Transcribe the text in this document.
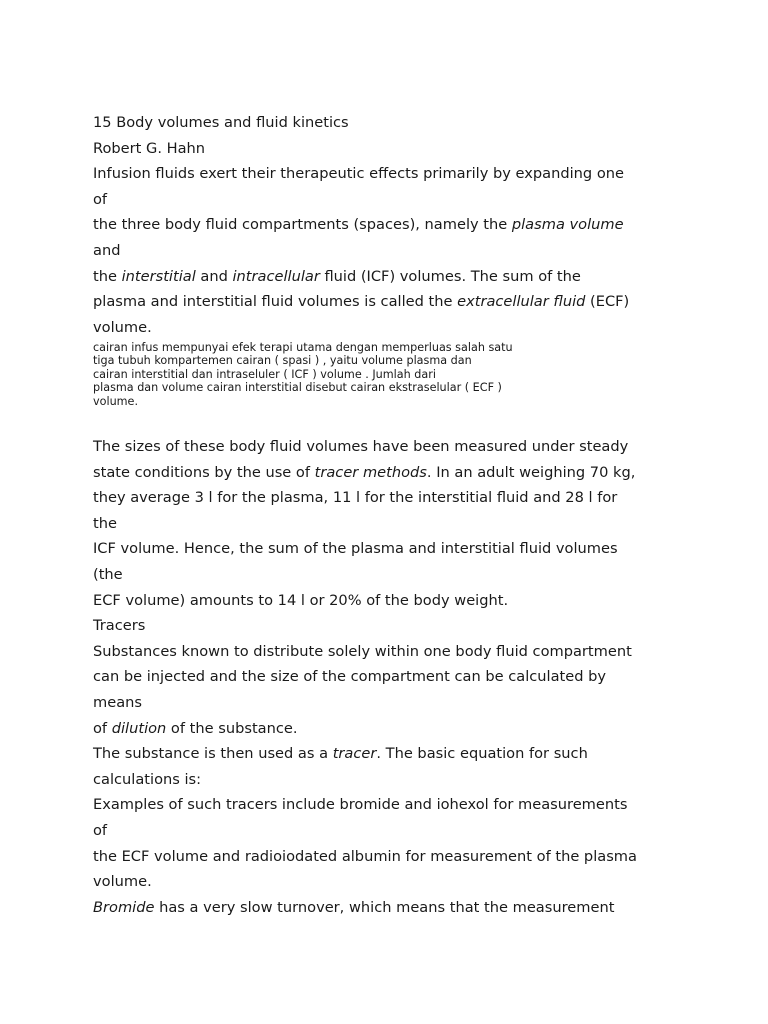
15 Body volumes and fluid kinetics
Robert G. Hahn
Infusion fluids exert their therapeutic effects primarily by expanding one
of
the three body fluid compartments (spaces), namely the plasma volume
and
the interstitial and intracellular fluid (ICF) volumes. The sum of the
plasma and interstitial fluid volumes is called the extracellular fluid (ECF)
volume.
cairan infus mempunyai efek terapi utama dengan memperluas salah satu
tiga tubuh kompartemen cairan ( spasi ) , yaitu volume plasma dan
cairan interstitial dan intraseluler ( ICF ) volume . Jumlah dari
plasma dan volume cairan interstitial disebut cairan ekstraselular ( ECF )
volume.
The sizes of these body fluid volumes have been measured under steady
state conditions by the use of tracer methods. In an adult weighing 70 kg,
they average 3 l for the plasma, 11 l for the interstitial fluid and 28 l for
the
ICF volume. Hence, the sum of the plasma and interstitial fluid volumes
(the
ECF volume) amounts to 14 l or 20% of the body weight.
Tracers
Substances known to distribute solely within one body fluid compartment
can be injected and the size of the compartment can be calculated by
means
of dilution of the substance.
The substance is then used as a tracer. The basic equation for such
calculations is:
Examples of such tracers include bromide and iohexol for measurements
of
the ECF volume and radioiodated albumin for measurement of the plasma
volume.
Bromide has a very slow turnover, which means that the measurement
